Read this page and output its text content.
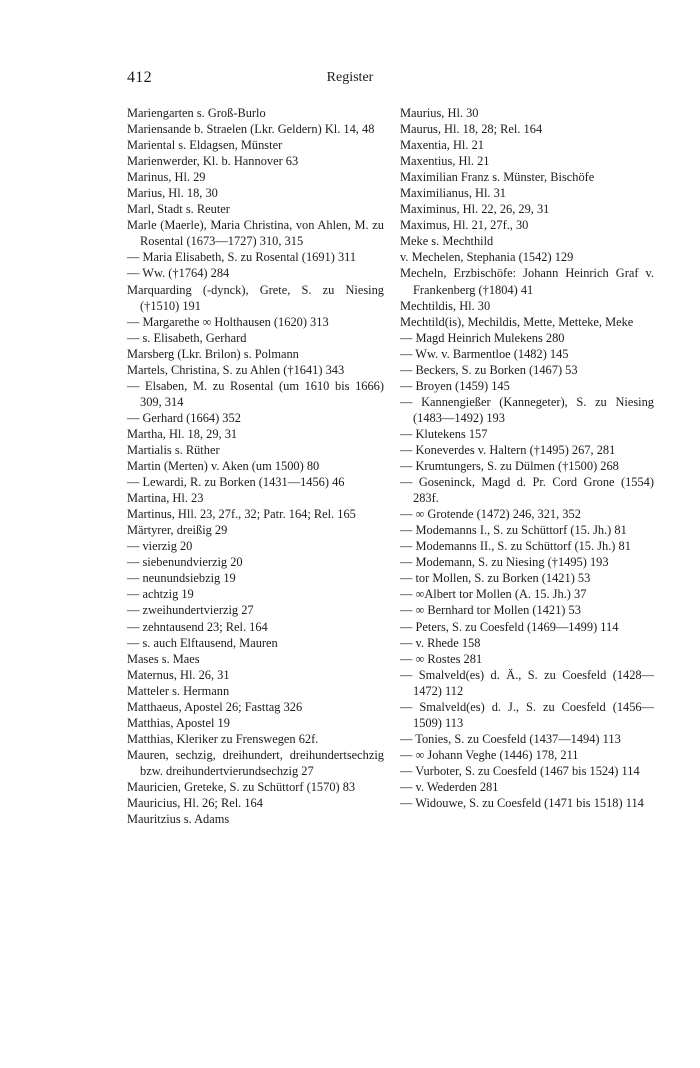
412	Register
Mariengarten s. Groß-Burlo
Mariensande b. Straelen (Lkr. Geldern) Kl. 14, 48
Mariental s. Eldagsen, Münster
Marienwerder, Kl. b. Hannover 63
Marinus, Hl. 29
Marius, Hl. 18, 30
Marl, Stadt s. Reuter
Marle (Maerle), Maria Christina, von Ahlen, M. zu Rosental (1673—1727) 310, 315
— Maria Elisabeth, S. zu Rosental (1691) 311
— Ww. (†1764) 284
Marquarding (-dynck), Grete, S. zu Niesing (†1510) 191
— Margarethe ∞ Holthausen (1620) 313
— s. Elisabeth, Gerhard
Marsberg (Lkr. Brilon) s. Polmann
Martels, Christina, S. zu Ahlen (†1641) 343
— Elsaben, M. zu Rosental (um 1610 bis 1666) 309, 314
— Gerhard (1664) 352
Martha, Hl. 18, 29, 31
Martialis s. Rüther
Martin (Merten) v. Aken (um 1500) 80
— Lewardi, R. zu Borken (1431—1456) 46
Martina, Hl. 23
Martinus, Hll. 23, 27f., 32; Patr. 164; Rel. 165
Märtyrer, dreißig 29
— vierzig 20
— siebenundvierzig 20
— neunundsiebzig 19
— achtzig 19
— zweihundertvierzig 27
— zehntausend 23; Rel. 164
— s. auch Elftausend, Mauren
Mases s. Maes
Maternus, Hl. 26, 31
Matteler s. Hermann
Matthaeus, Apostel 26; Fasttag 326
Matthias, Apostel 19
Matthias, Kleriker zu Frenswegen 62f.
Mauren, sechzig, dreihundert, dreihundertsechzig bzw. dreihundertvierundsechzig 27
Mauricien, Greteke, S. zu Schüttorf (1570) 83
Mauricius, Hl. 26; Rel. 164
Mauritzius s. Adams
Maurius, Hl. 30
Maurus, Hl. 18, 28; Rel. 164
Maxentia, Hl. 21
Maxentius, Hl. 21
Maximilian Franz s. Münster, Bischöfe
Maximilianus, Hl. 31
Maximinus, Hl. 22, 26, 29, 31
Maximus, Hl. 21, 27f., 30
Meke s. Mechthild
v. Mechelen, Stephania (1542) 129
Mecheln, Erzbischöfe: Johann Heinrich Graf v. Frankenberg (†1804) 41
Mechtildis, Hl. 30
Mechtild(is), Mechildis, Mette, Metteke, Meke
— Magd Heinrich Mulekens 280
— Ww. v. Barmentloe (1482) 145
— Beckers, S. zu Borken (1467) 53
— Broyen (1459) 145
— Kannengießer (Kannegeter), S. zu Niesing (1483—1492) 193
— Klutekens 157
— Koneverdes v. Haltern (†1495) 267, 281
— Krumtungers, S. zu Dülmen (†1500) 268
— Goseninck, Magd d. Pr. Cord Grone (1554) 283f.
— ∞ Grotende (1472) 246, 321, 352
— Modemanns I., S. zu Schüttorf (15. Jh.) 81
— Modemanns II., S. zu Schüttorf (15. Jh.) 81
— Modemann, S. zu Niesing (†1495) 193
— tor Mollen, S. zu Borken (1421) 53
— ∞Albert tor Mollen (A. 15. Jh.) 37
— ∞ Bernhard tor Mollen (1421) 53
— Peters, S. zu Coesfeld (1469—1499) 114
— v. Rhede 158
— ∞ Rostes 281
— Smalveld(es) d. Ä., S. zu Coesfeld (1428—1472) 112
— Smalveld(es) d. J., S. zu Coesfeld (1456—1509) 113
— Tonies, S. zu Coesfeld (1437—1494) 113
— ∞ Johann Veghe (1446) 178, 211
— Vurboter, S. zu Coesfeld (1467 bis 1524) 114
— v. Wederden 281
— Widouwe, S. zu Coesfeld (1471 bis 1518) 114
